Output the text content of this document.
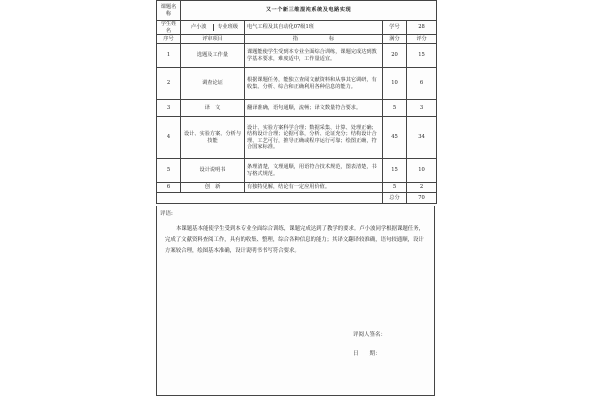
课题名称	又一个新三维混沌系统及电路实现			
学生姓名	卢小波 专业班级	电气工程及其自动化07级1班	学号	28
序号	评审项目	指　　　　　　标	满分	评分
1	选题及工作量	课题能使学生受到本专业全面综合训练，课题完成达到教学基本要求，难度适中，工作量适宜。	20	15
2	调查论证	根据课题任务，能独立查阅文献资料和从事其它调研，有收集、分析、综合和正确利用各种信息的能力。	10	6
3	译　文	翻译准确，语句通顺，流畅；译文数量符合要求。	5	3
4	设计、实验方案、分析与技能	设计、实验方案科学合理；数据采集、计算、处理正确；结构设计合理；论据可靠，分析、论证充分；结构设计合理、工艺可行，推导正确或程序运行可靠；绘图正确，符合国家标准。	45	34
5	设计说明书	条理清楚，文理通顺，用语符合技术规范，图表清楚，书写格式规范。	15	10
6	创　新	有独特见解，结论有一定应用价值。	5	2
			总分	70
评语:
本课题基本能使学生受到本专业全面综合训练，课题完成达到了教学的要求。卢小波同学根据课题任务，完成了文献资料查阅工作，具有的收集、整理，综合各种信息的能力；其译文翻译较准确，语句较通顺，设计方案较合理，绘图基本准确，设计说明书书写符合要求。
评阅人签名：
日　　期：
